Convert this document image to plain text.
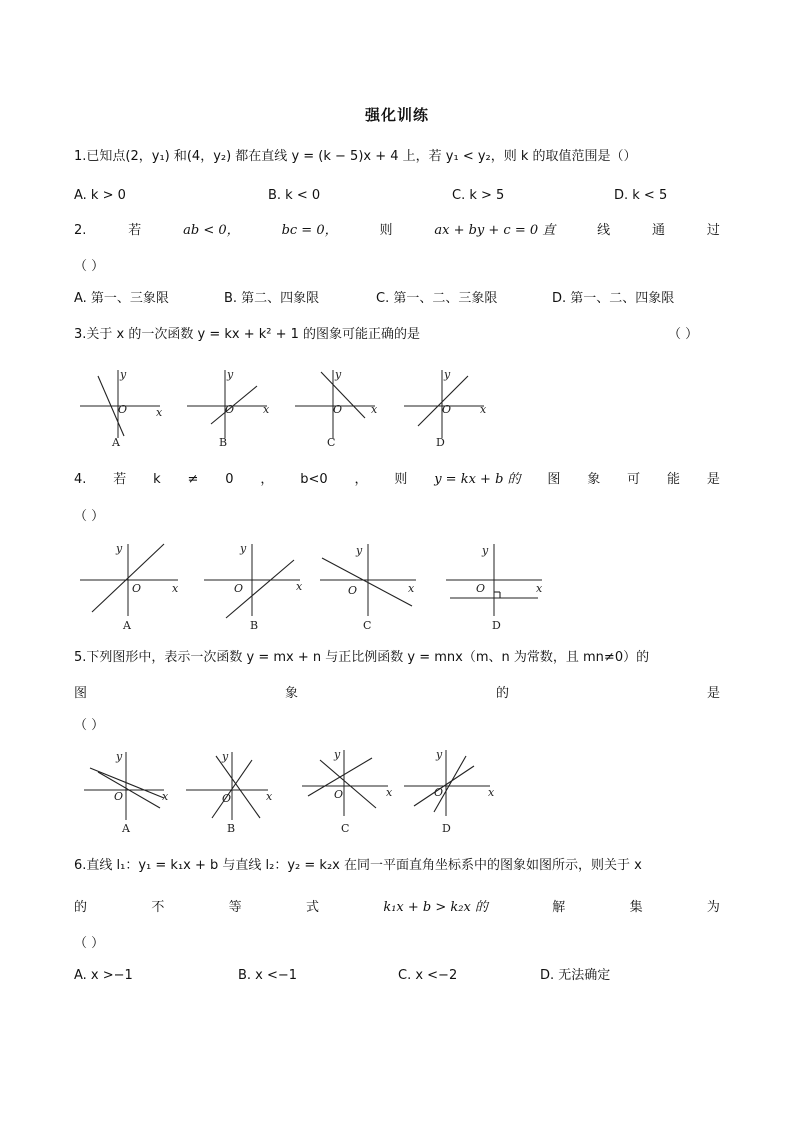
强化训练
1.已知点(2，y₁) 和(4，y₂) 都在直线 y = (k − 5)x + 4 上，若 y₁ < y₂，则 k 的取值范围是（）
A. k > 0	B. k < 0	C. k > 5	D. k < 5
2.	若	ab < 0，	bc = 0，	则	ax + by + c = 0 直	线	通	过
（ ）
A. 第一、三象限	B. 第二、四象限	C. 第一、二、三象限	D. 第一、二、四象限
3.关于 x 的一次函数 y = kx + k² + 1 的图象可能正确的是	（ ）
x
y
O
A
x
y
O
B
x
y
O
C
x
y
O
D
4. 若 k ≠ 0 ， b<0 ， 则 y = kx + b 的 图 象 可 能 是
（ ）
x
y
O
A
x
y
O
B
x
y
O
C
x
y
O
D
5.下列图形中，表示一次函数 y = mx + n 与正比例函数 y = mnx（m、n 为常数，且 mn≠0）的
图	象	的	是
（ ）
x
y
O
A
x
y
O
B
x
y
O
C
x
y
O
D
6.直线 l₁：y₁ = k₁x + b 与直线 l₂：y₂ = k₂x 在同一平面直角坐标系中的图象如图所示，则关于 x
的	不	等	式	k₁x + b > k₂x 的	解	集	为
（ ）
A. x >−1	B. x <−1	C. x <−2	D. 无法确定
